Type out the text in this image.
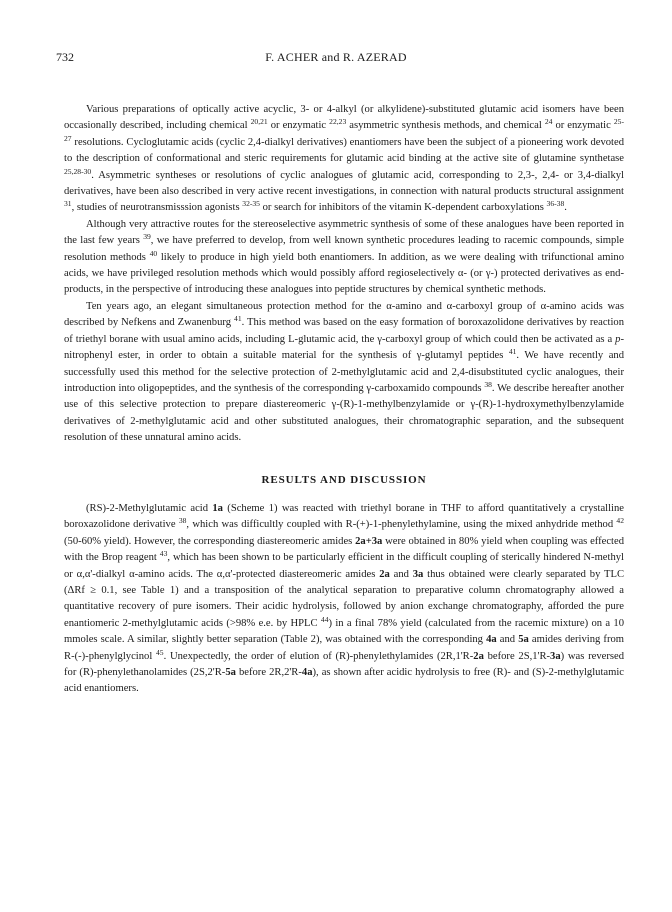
732	F. ACHER and R. AZERAD

Various preparations of optically active acyclic, 3- or 4-alkyl (or alkylidene)-substituted glutamic acid isomers have been occasionally described, including chemical $^{20,21}$ or enzymatic $^{22,23}$ asymmetric synthesis methods, and chemical $^{24}$ or enzymatic $^{25-27}$ resolutions. Cycloglutamic acids (cyclic 2,4-dialkyl derivatives) enantiomers have been the subject of a pioneering work devoted to the description of conformational and steric requirements for glutamic acid binding at the active site of glutamine synthetase $^{25,28-30}$. Asymmetric syntheses or resolutions of cyclic analogues of glutamic acid, corresponding to 2,3-, 2,4- or 3,4-dialkyl derivatives, have been also described in very active recent investigations, in connection with natural products structural assignment $^{31}$, studies of neurotransmisssion agonists $^{32-35}$ or search for inhibitors of the vitamin K-dependent carboxylations $^{36-38}$.

Although very attractive routes for the stereoselective asymmetric synthesis of some of these analogues have been reported in the last few years $^{39}$, we have preferred to develop, from well known synthetic procedures leading to racemic compounds, simple resolution methods $^{40}$ likely to produce in high yield both enantiomers. In addition, as we were dealing with trifunctional amino acids, we have privileged resolution methods which would possibly afford regioselectively α- (or γ-) protected derivatives as end-products, in the perspective of introducing these analogues into peptide structures by chemical synthetic methods.

Ten years ago, an elegant simultaneous protection method for the α-amino and α-carboxyl group of α-amino acids was described by Nefkens and Zwanenburg $^{41}$. This method was based on the easy formation of boroxazolidone derivatives by reaction of triethyl borane with usual amino acids, including L-glutamic acid, the γ-carboxyl group of which could then be activated as a p-nitrophenyl ester, in order to obtain a suitable material for the synthesis of γ-glutamyl peptides $^{41}$. We have recently and successfully used this method for the selective protection of 2-methylglutamic acid and 2,4-disubstituted cyclic analogues, their introduction into oligopeptides, and the synthesis of the corresponding γ-carboxamido compounds $^{38}$. We describe hereafter another use of this selective protection to prepare diastereomeric γ-(R)-1-methylbenzylamide or γ-(R)-1-hydroxymethylbenzylamide derivatives of 2-methylglutamic acid and other substituted analogues, their chromatographic separation, and the subsequent resolution of these unnatural amino acids.

RESULTS AND DISCUSSION

(RS)-2-Methylglutamic acid 1a (Scheme 1) was reacted with triethyl borane in THF to afford quantitatively a crystalline boroxazolidone derivative $^{38}$, which was difficultly coupled with R-(+)-1-phenylethylamine, using the mixed anhydride method $^{42}$ (50-60% yield). However, the corresponding diastereomeric amides 2a+3a were obtained in 80% yield when coupling was effected with the Brop reagent $^{43}$, which has been shown to be particularly efficient in the difficult coupling of sterically hindered N-methyl or α,α'-dialkyl α-amino acids. The α,α'-protected diastereomeric amides 2a and 3a thus obtained were clearly separated by TLC (ΔRf ≥ 0.1, see Table 1) and a transposition of the analytical separation to preparative column chromatography allowed a quantitative recovery of pure isomers. Their acidic hydrolysis, followed by anion exchange chromatography, afforded the pure enantiomeric 2-methylglutamic acids (>98% e.e. by HPLC $^{44}$) in a final 78% yield (calculated from the racemic mixture) on a 10 mmoles scale. A similar, slightly better separation (Table 2), was obtained with the corresponding 4a and 5a amides deriving from R-(-)-phenylglycinol $^{45}$. Unexpectedly, the order of elution of (R)-phenylethylamides (2R,1'R-2a before 2S,1'R-3a) was reversed for (R)-phenylethanolamides (2S,2'R-5a before 2R,2'R-4a), as shown after acidic hydrolysis to free (R)- and (S)-2-methylglutamic acid enantiomers.
